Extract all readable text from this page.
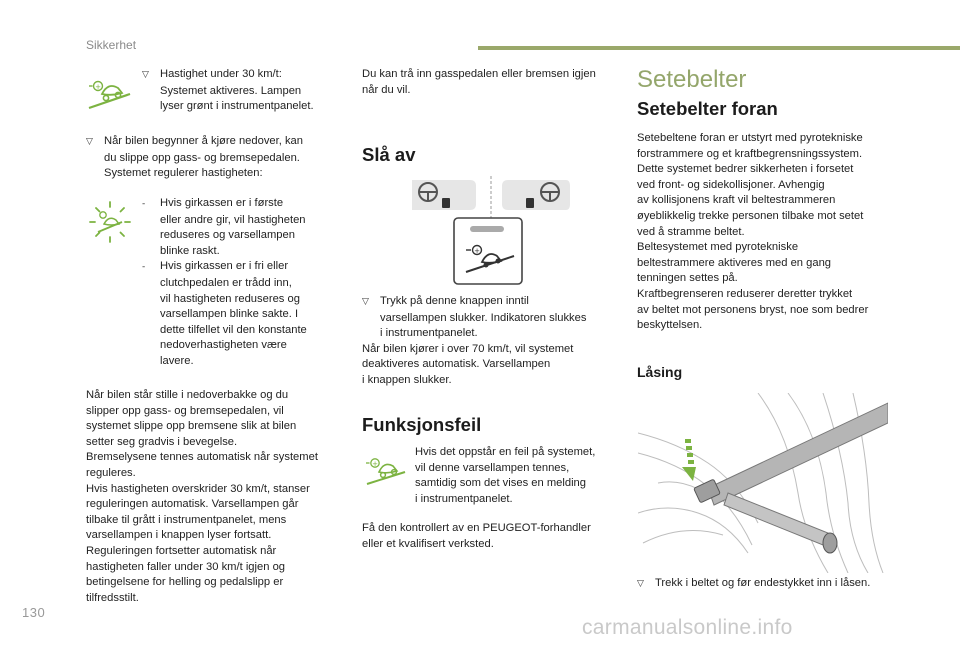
Sikkerhet
+
▽ Hastighet under 30 km/t:
Systemet aktiveres. Lampen
lyser grønt i instrumentpanelet.
▽ Når bilen begynner å kjøre nedover, kan
du slippe opp gass- og bremsepedalen.
Systemet regulerer hastigheten:
- Hvis girkassen er i første
eller andre gir, vil hastigheten
reduseres og varsellampen
blinke raskt.
- Hvis girkassen er i fri eller
clutchpedalen er trådd inn,
vil hastigheten reduseres og
varsellampen blinke sakte. I
dette tilfellet vil den konstante
nedoverhastigheten være
lavere.
Når bilen står stille i nedoverbakke og du
slipper opp gass- og bremsepedalen, vil
systemet slippe opp bremsene slik at bilen
setter seg gradvis i bevegelse.
Bremselysene tennes automatisk når systemet
reguleres.
Hvis hastigheten overskrider 30 km/t, stanser
reguleringen automatisk. Varsellampen går
tilbake til grått i instrumentpanelet, mens
varsellampen i knappen lyser fortsatt.
Reguleringen fortsetter automatisk når
hastigheten faller under 30 km/t igjen og
betingelsene for helling og pedalslipp er
tilfredsstilt.
Du kan trå inn gasspedalen eller bremsen igjen
når du vil.
Slå av
+
▽ Trykk på denne knappen inntil
varsellampen slukker. Indikatoren slukkes
i instrumentpanelet.
Når bilen kjører i over 70 km/t, vil systemet
deaktiveres automatisk. Varsellampen
i knappen slukker.
Funksjonsfeil
+
Hvis det oppstår en feil på systemet,
vil denne varsellampen tennes,
samtidig som det vises en melding
i instrumentpanelet.
Få den kontrollert av en PEUGEOT-forhandler
eller et kvalifisert verksted.
Setebelter
Setebelter foran
Setebeltene foran er utstyrt med pyrotekniske
forstrammere og et kraftbegrensningssystem.
Dette systemet bedrer sikkerheten i forsetet
ved front- og sidekollisjoner. Avhengig
av kollisjonens kraft vil beltestrammeren
øyeblikkelig trekke personen tilbake mot setet
ved å stramme beltet.
Beltesystemet med pyrotekniske
beltestrammere aktiveres med en gang
tenningen settes på.
Kraftbegrenseren reduserer deretter trykket
av beltet mot personens bryst, noe som bedrer
beskyttelsen.
Låsing
▽ Trekk i beltet og før endestykket inn i låsen.
130
carmanualsonline.info
